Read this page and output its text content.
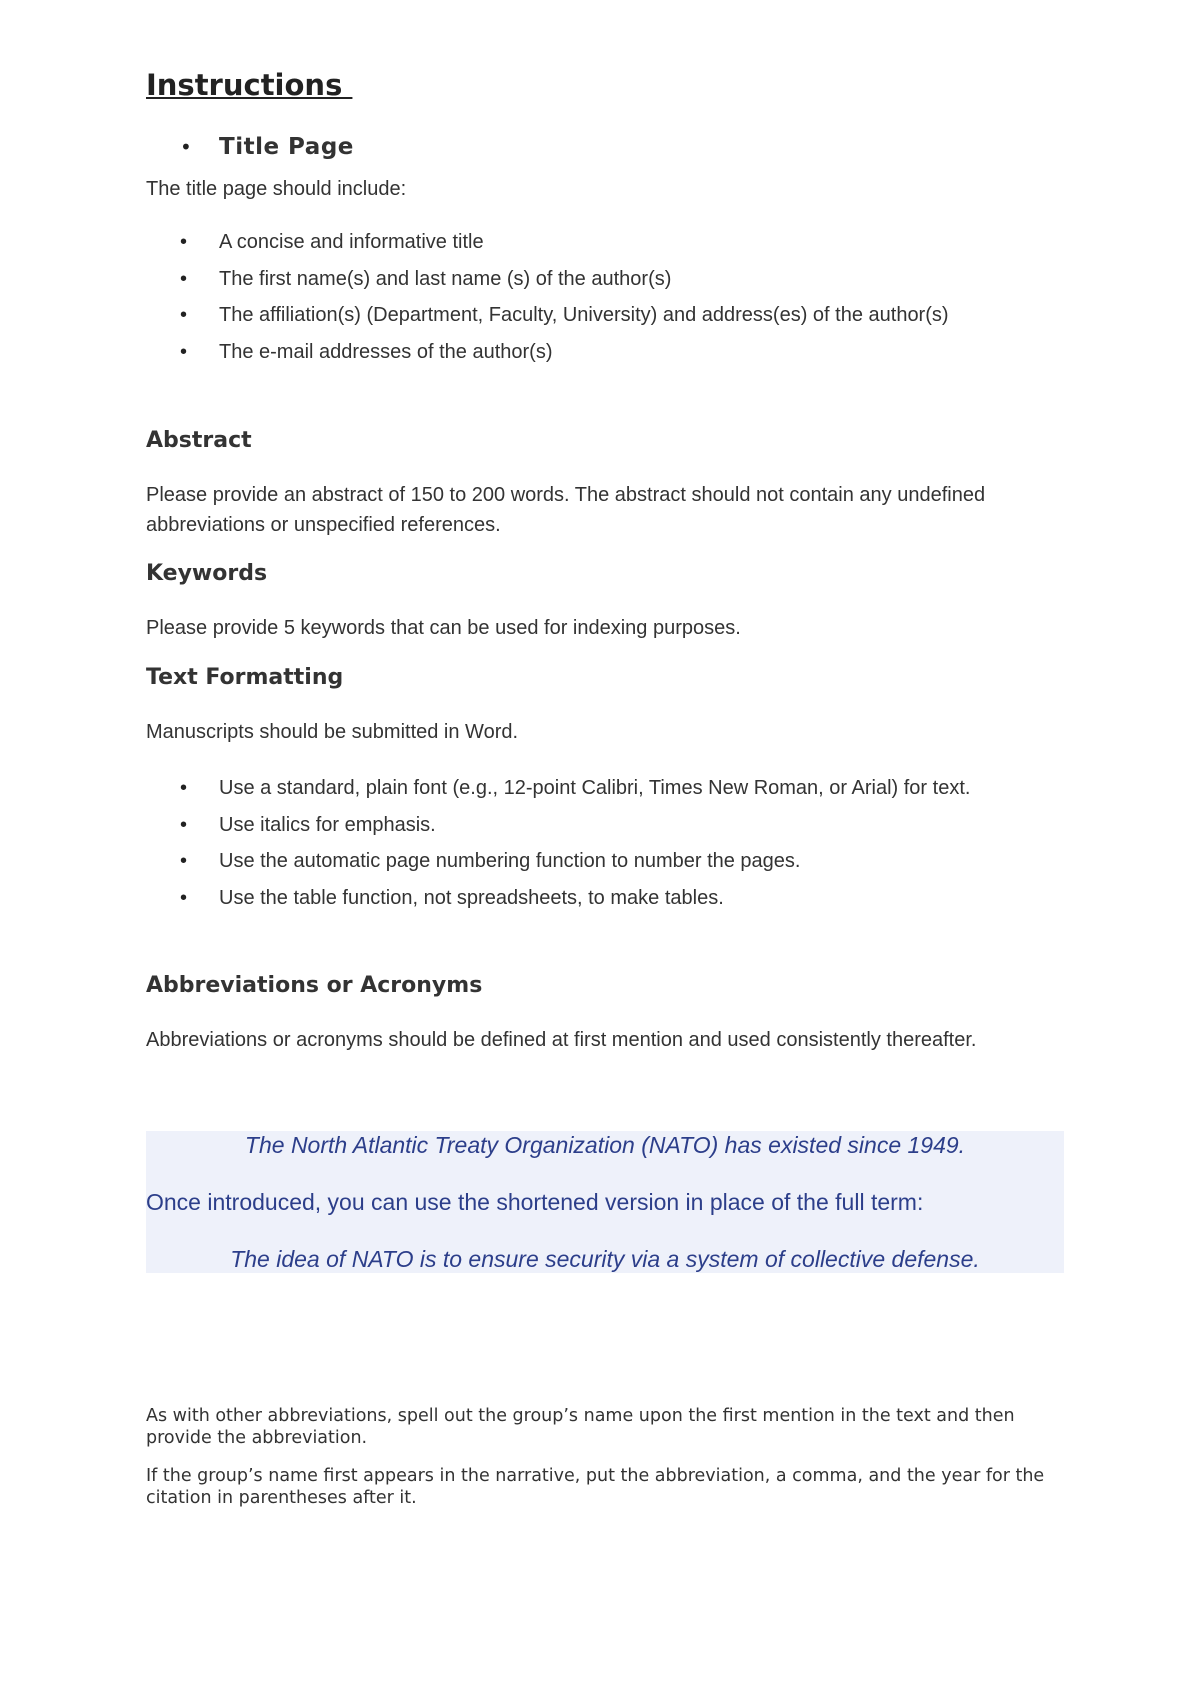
Instructions
• Title Page

The title page should include:

• A concise and informative title
• The first name(s) and last name (s) of the author(s)
• The affiliation(s) (Department, Faculty, University) and address(es) of the author(s)
• The e-mail addresses of the author(s)
Abstract

Please provide an abstract of 150 to 200 words. The abstract should not contain any undefined abbreviations or unspecified references.

Keywords

Please provide 5 keywords that can be used for indexing purposes.

Text Formatting

Manuscripts should be submitted in Word.

• Use a standard, plain font (e.g., 12-point Calibri, Times New Roman, or Arial) for text.
• Use italics for emphasis.
• Use the automatic page numbering function to number the pages.
• Use the table function, not spreadsheets, to make tables.
Abbreviations or Acronyms

Abbreviations or acronyms should be defined at first mention and used consistently thereafter.

The North Atlantic Treaty Organization (NATO) has existed since 1949.

Once introduced, you can use the shortened version in place of the full term:

The idea of NATO is to ensure security via a system of collective defense.

As with other abbreviations, spell out the group’s name upon the first mention in the text and then provide the abbreviation.

If the group’s name first appears in the narrative, put the abbreviation, a comma, and the year for the citation in parentheses after it.
